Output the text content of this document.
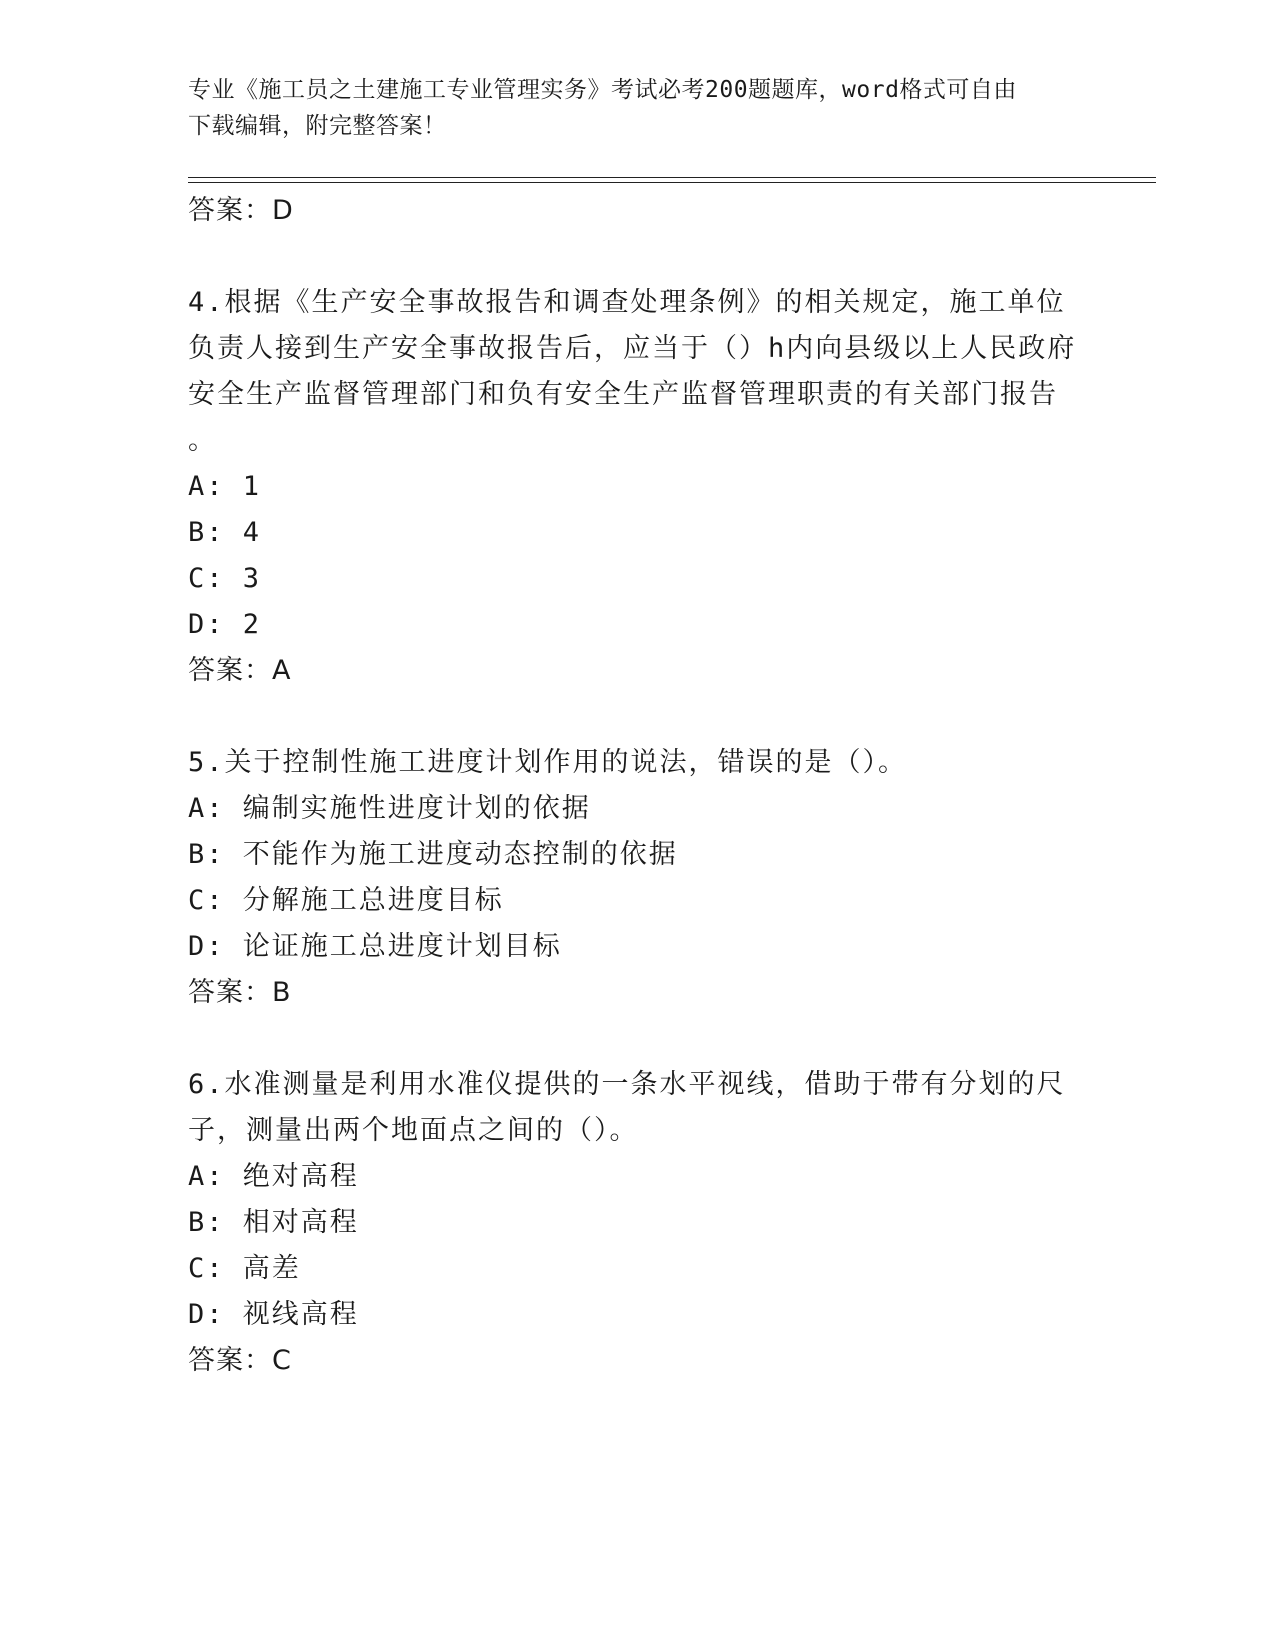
专业《施工员之土建施工专业管理实务》考试必考200题题库，word格式可自由
下载编辑，附完整答案！
答案：D
4.根据《生产安全事故报告和调查处理条例》的相关规定，施工单位
负责人接到生产安全事故报告后，应当于（）h内向县级以上人民政府
安全生产监督管理部门和负有安全生产监督管理职责的有关部门报告
。
A: 1
B: 4
C: 3
D: 2
答案：A
5.关于控制性施工进度计划作用的说法，错误的是（）。
A: 编制实施性进度计划的依据
B: 不能作为施工进度动态控制的依据
C: 分解施工总进度目标
D: 论证施工总进度计划目标
答案：B
6.水准测量是利用水准仪提供的一条水平视线，借助于带有分划的尺
子，测量出两个地面点之间的（）。
A: 绝对高程
B: 相对高程
C: 高差
D: 视线高程
答案：C
